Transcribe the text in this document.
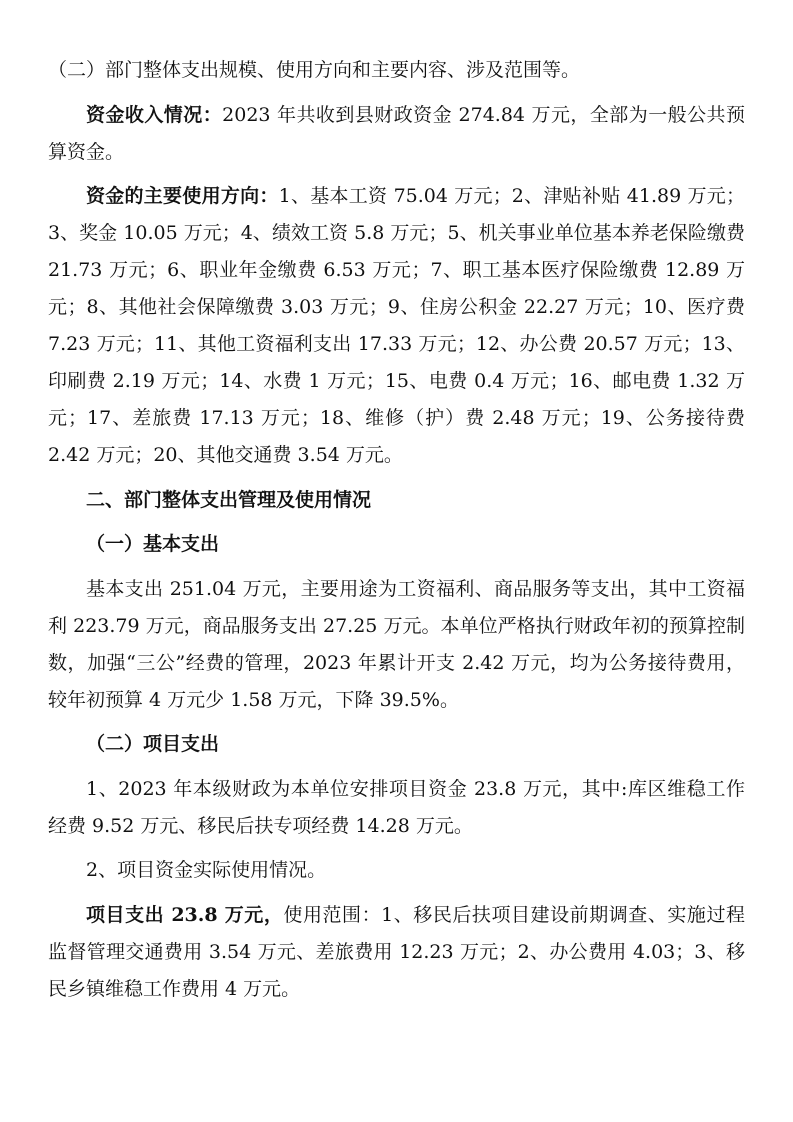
（二）部门整体支出规模、使用方向和主要内容、涉及范围等。

资金收入情况：2023 年共收到县财政资金 274.84 万元，全部为一般公共预算资金。

资金的主要使用方向：1、基本工资 75.04 万元；2、津贴补贴 41.89 万元；3、奖金 10.05 万元；4、绩效工资 5.8 万元；5、机关事业单位基本养老保险缴费 21.73 万元；6、职业年金缴费 6.53 万元；7、职工基本医疗保险缴费 12.89 万元；8、其他社会保障缴费 3.03 万元；9、住房公积金 22.27 万元；10、医疗费 7.23 万元；11、其他工资福利支出 17.33 万元；12、办公费 20.57 万元；13、印刷费 2.19 万元；14、水费 1 万元；15、电费 0.4 万元；16、邮电费 1.32 万元；17、差旅费 17.13 万元；18、维修（护）费 2.48 万元；19、公务接待费 2.42 万元；20、其他交通费 3.54 万元。

二、部门整体支出管理及使用情况

（一）基本支出

基本支出 251.04 万元，主要用途为工资福利、商品服务等支出，其中工资福利 223.79 万元，商品服务支出 27.25 万元。本单位严格执行财政年初的预算控制数，加强“三公”经费的管理，2023 年累计开支 2.42 万元，均为公务接待费用，较年初预算 4 万元少 1.58 万元，下降 39.5%。

（二）项目支出

1、2023 年本级财政为本单位安排项目资金 23.8 万元，其中:库区维稳工作经费 9.52 万元、移民后扶专项经费 14.28 万元。

2、项目资金实际使用情况。

项目支出 23.8 万元，使用范围：1、移民后扶项目建设前期调查、实施过程监督管理交通费用 3.54 万元、差旅费用 12.23 万元；2、办公费用 4.03；3、移民乡镇维稳工作费用 4 万元。
